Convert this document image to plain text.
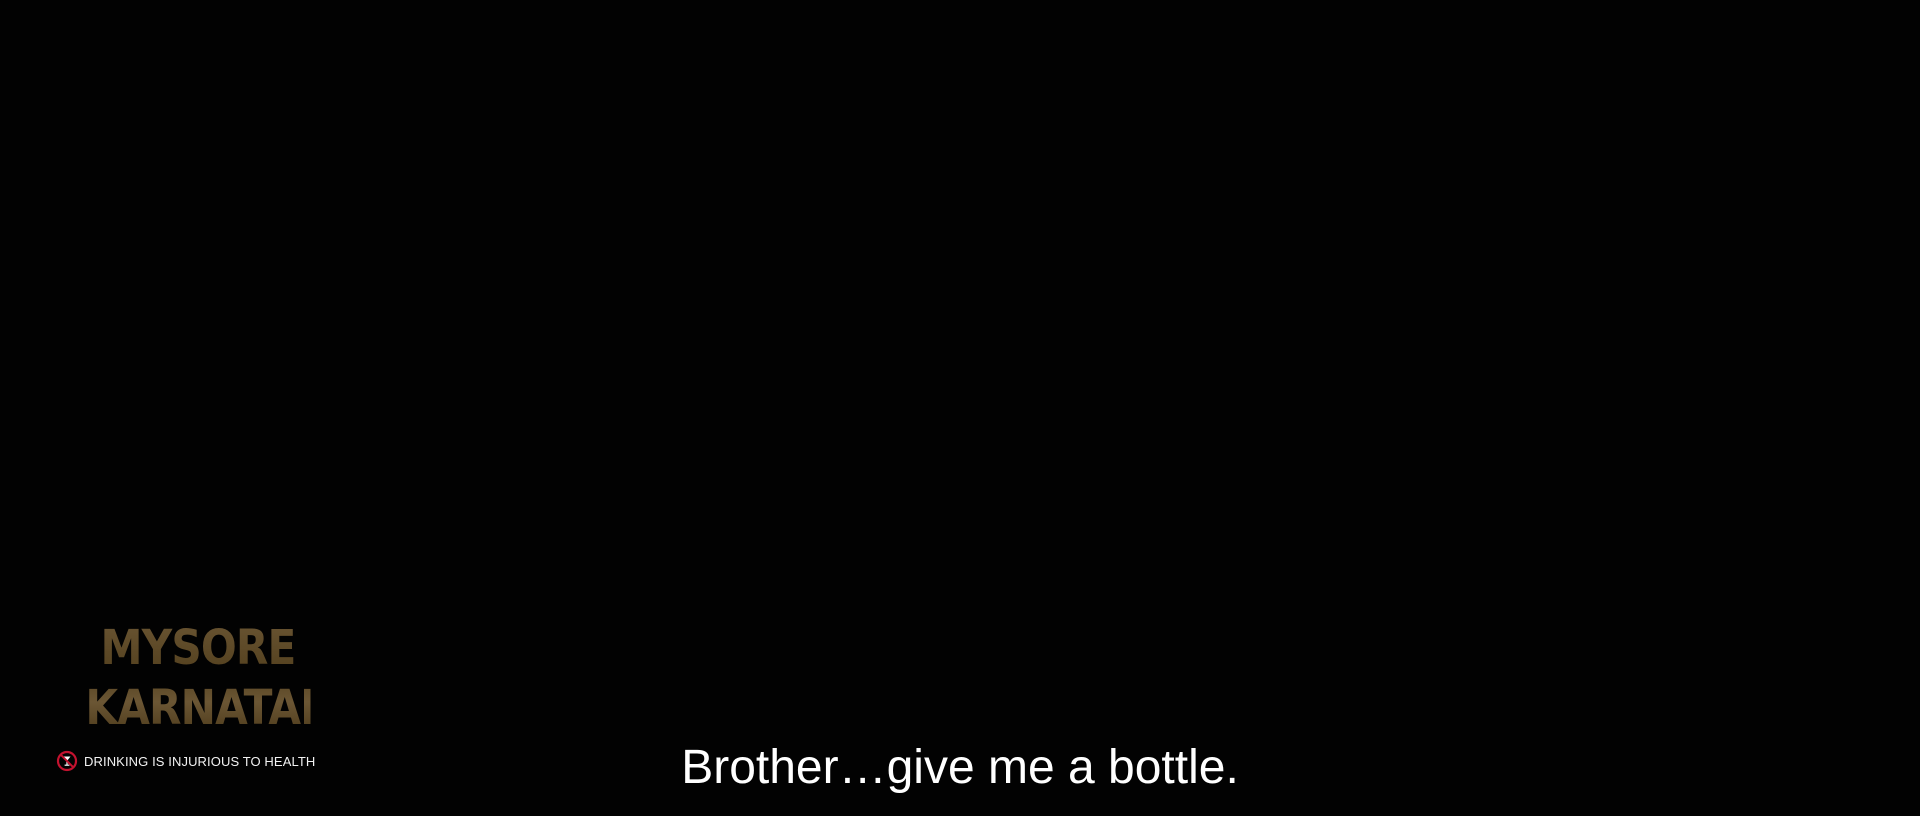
MYSORE
KARNATAKA
DRINKING IS INJURIOUS TO HEALTH	Brother…give me a bottle.
